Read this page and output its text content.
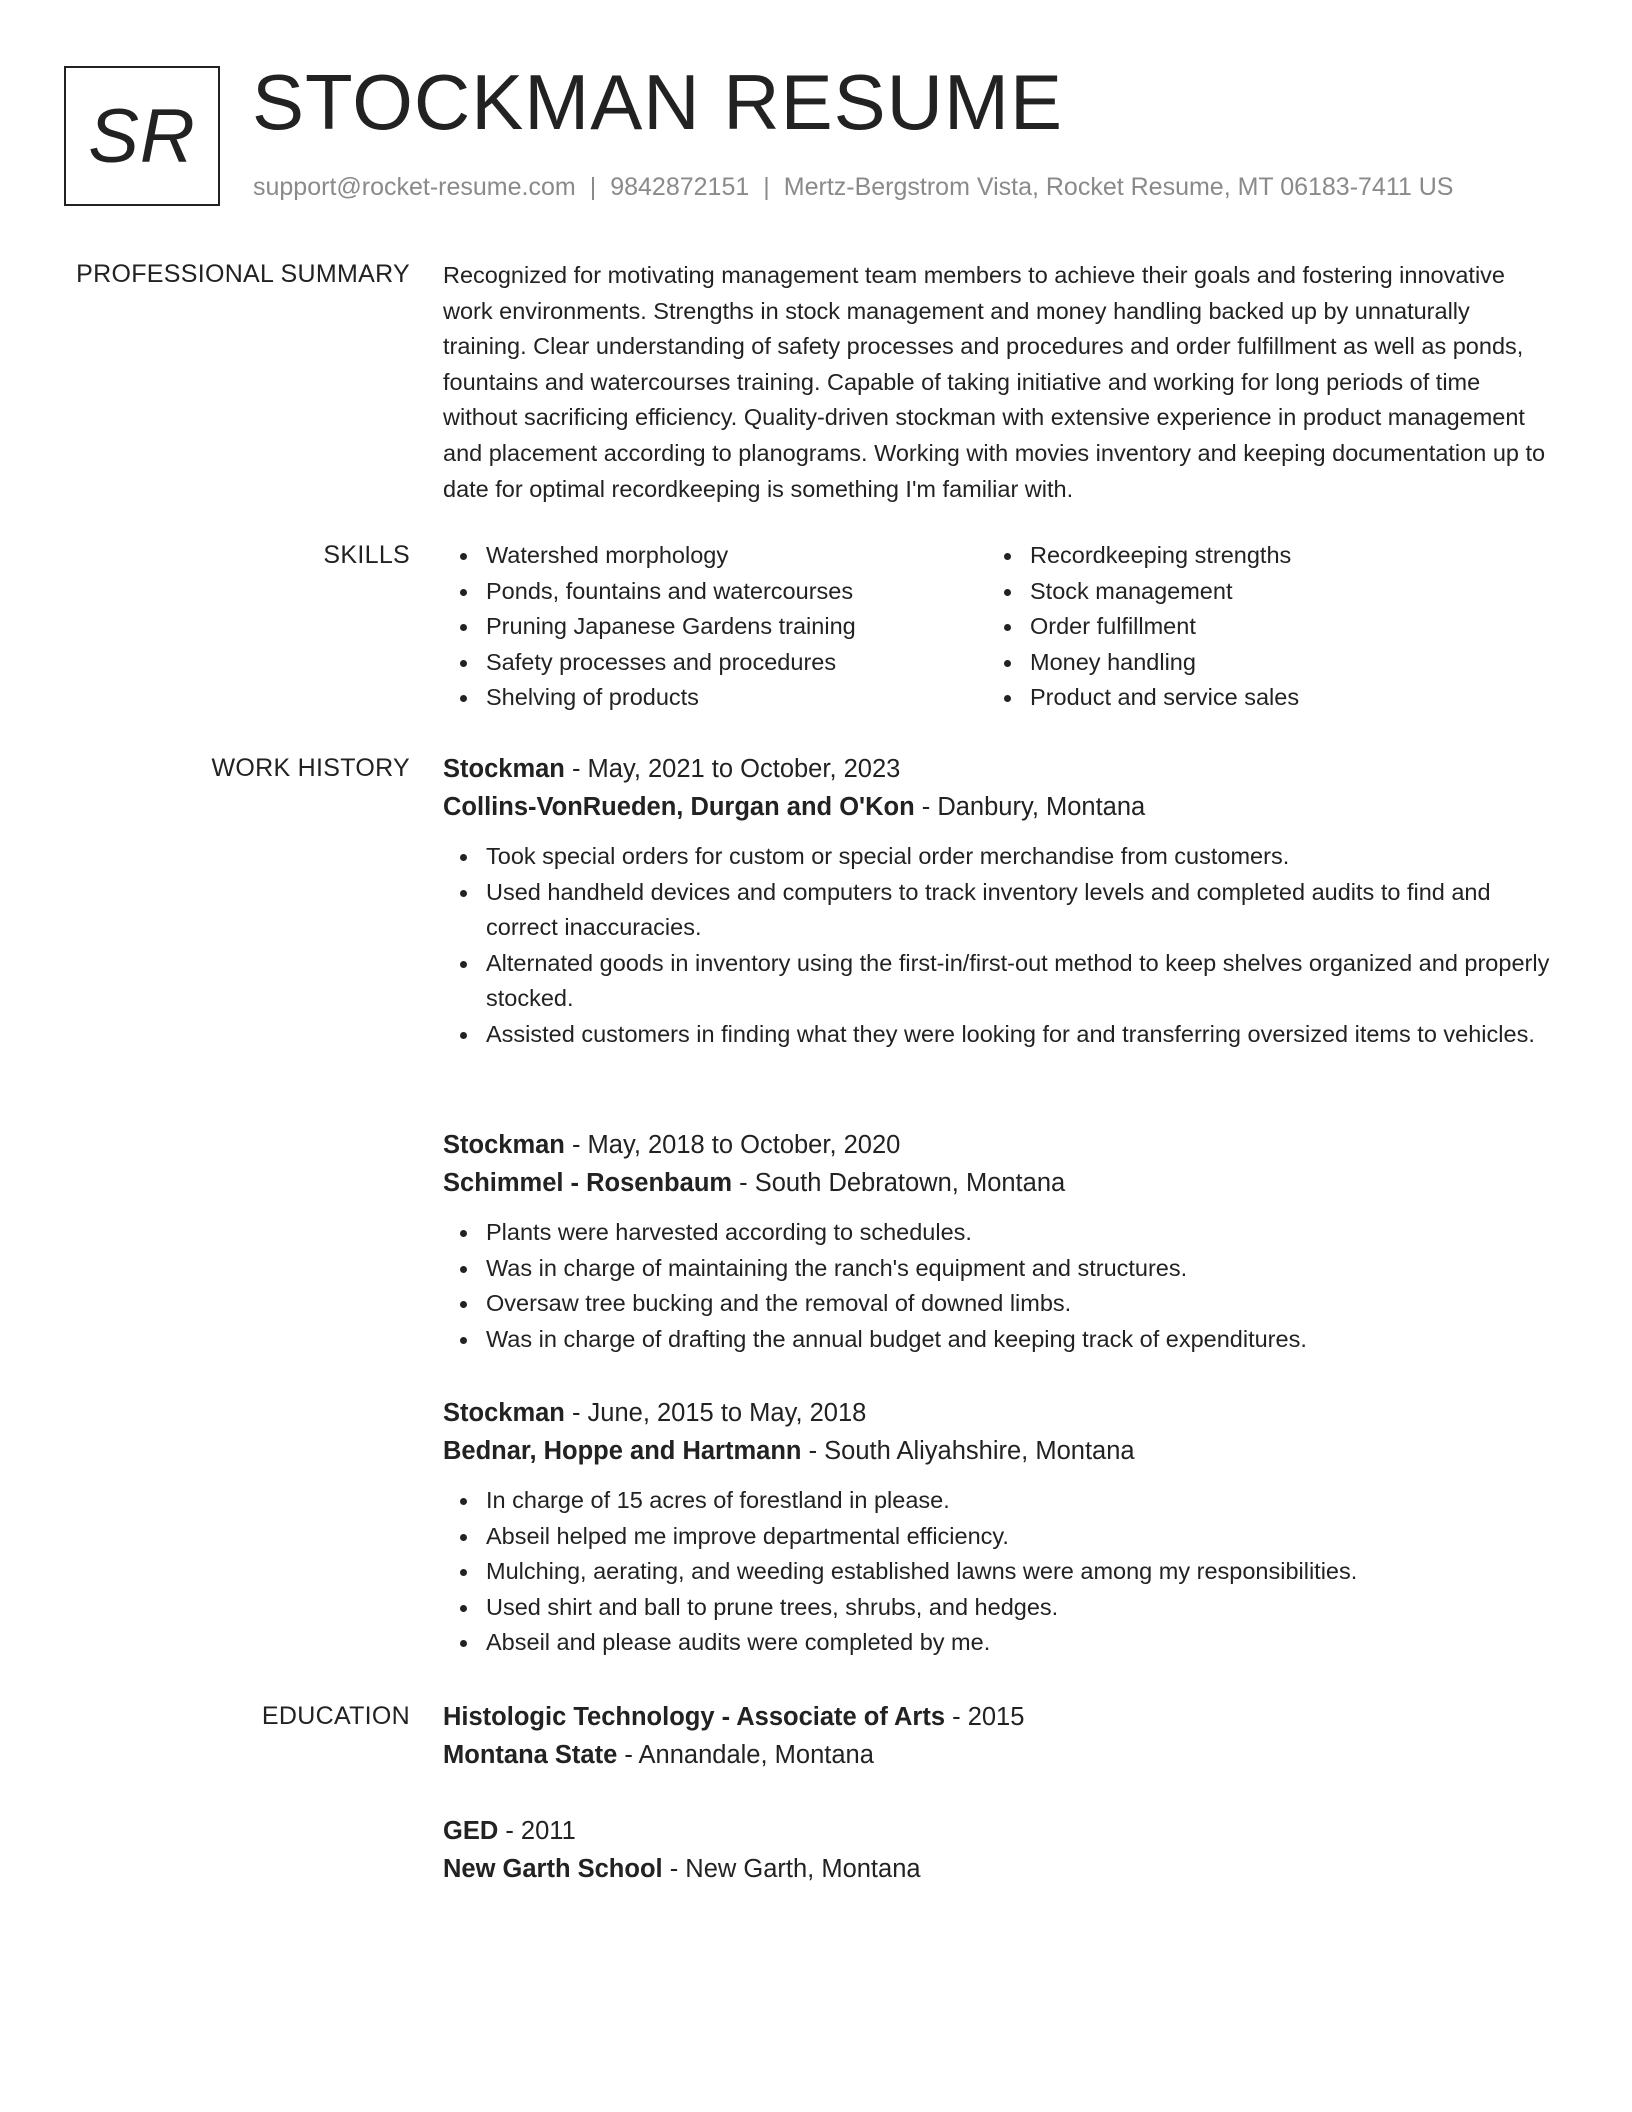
SR STOCKMAN RESUME
support@rocket-resume.com | 9842872151 | Mertz-Bergstrom Vista, Rocket Resume, MT 06183-7411 US
PROFESSIONAL SUMMARY Recognized for motivating management team members to achieve their goals and fostering innovative work environments. Strengths in stock management and money handling backed up by unnaturally training. Clear understanding of safety processes and procedures and order fulfillment as well as ponds, fountains and watercourses training. Capable of taking initiative and working for long periods of time without sacrificing efficiency. Quality-driven stockman with extensive experience in product management and placement according to planograms. Working with movies inventory and keeping documentation up to date for optimal recordkeeping is something I'm familiar with.

SKILLS	Watershed morphology
Ponds, fountains and watercourses
Pruning Japanese Gardens training
Safety processes and procedures
Shelving of products
Recordkeeping strengths
Stock management
Order fulfillment
Money handling
Product and service sales
WORK HISTORY Stockman - May, 2021 to October, 2023
Collins-VonRueden, Durgan and O'Kon - Danbury, Montana
Took special orders for custom or special order merchandise from customers.
Used handheld devices and computers to track inventory levels and completed audits to find and correct inaccuracies.
Alternated goods in inventory using the first-in/first-out method to keep shelves organized and properly stocked.
Assisted customers in finding what they were looking for and transferring oversized items to vehicles.
Stockman - May, 2018 to October, 2020
Schimmel - Rosenbaum - South Debratown, Montana
Plants were harvested according to schedules.
Was in charge of maintaining the ranch's equipment and structures.
Oversaw tree bucking and the removal of downed limbs.
Was in charge of drafting the annual budget and keeping track of expenditures.
Stockman - June, 2015 to May, 2018
Bednar, Hoppe and Hartmann - South Aliyahshire, Montana
In charge of 15 acres of forestland in please.
Abseil helped me improve departmental efficiency.
Mulching, aerating, and weeding established lawns were among my responsibilities.
Used shirt and ball to prune trees, shrubs, and hedges.
Abseil and please audits were completed by me.
EDUCATION Histologic Technology - Associate of Arts - 2015
Montana State - Annandale, Montana
GED - 2011
New Garth School - New Garth, Montana
